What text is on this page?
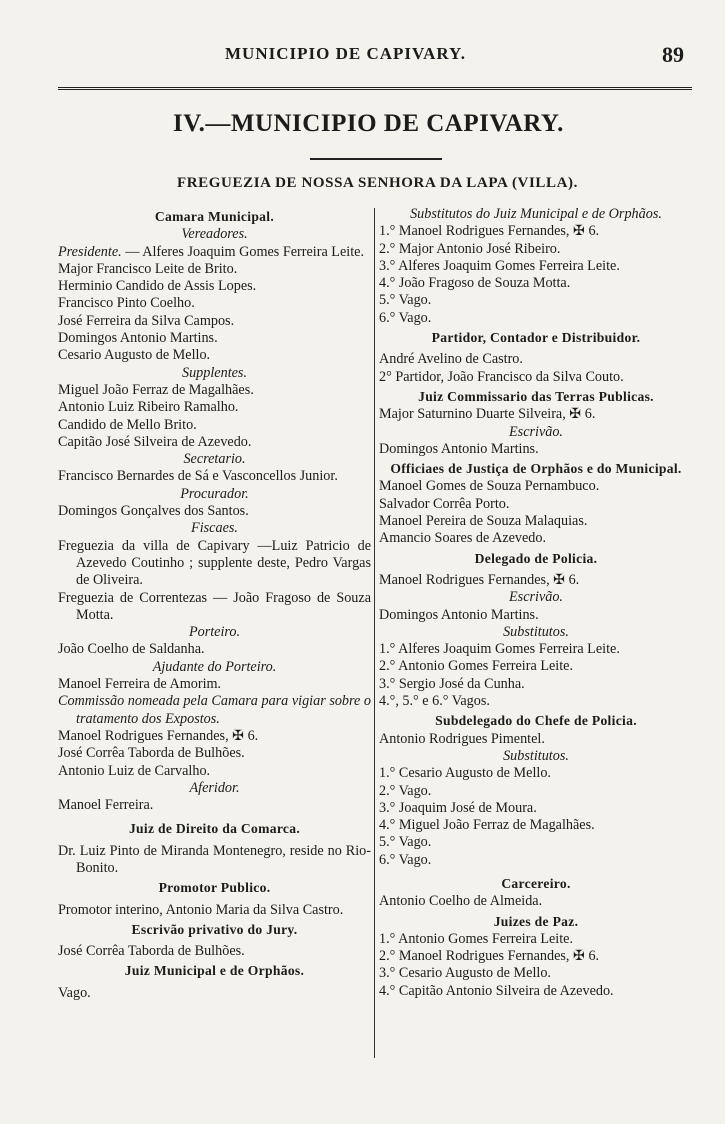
MUNICIPIO DE CAPIVARY.	89
IV.—MUNICIPIO DE CAPIVARY.
FREGUEZIA DE NOSSA SENHORA DA LAPA (VILLA).
Camara Municipal.
Vereadores.
Presidente. — Alferes Joaquim Gomes Ferreira Leite.
Major Francisco Leite de Brito.
Herminio Candido de Assis Lopes.
Francisco Pinto Coelho.
José Ferreira da Silva Campos.
Domingos Antonio Martins.
Cesario Augusto de Mello.
Supplentes.
Miguel João Ferraz de Magalhães.
Antonio Luiz Ribeiro Ramalho.
Candido de Mello Brito.
Capitão José Silveira de Azevedo.
Secretario.
Francisco Bernardes de Sá e Vasconcellos Junior.
Procurador.
Domingos Gonçalves dos Santos.
Fiscaes.
Freguezia da villa de Capivary —Luiz Patricio de Azevedo Coutinho ; supplente deste, Pedro Vargas de Oliveira.
Freguezia de Correntezas — João Fragoso de Souza Motta.
Porteiro.
João Coelho de Saldanha.
Ajudante do Porteiro.
Manoel Ferreira de Amorim.
Commissão nomeada pela Camara para vigiar sobre o tratamento dos Expostos.
Manoel Rodrigues Fernandes, ✠ 6.
José Corrêa Taborda de Bulhões.
Antonio Luiz de Carvalho.
Aferidor.
Manoel Ferreira.
Juiz de Direito da Comarca.
Dr. Luiz Pinto de Miranda Montenegro, reside no Rio-Bonito.
Promotor Publico.
Promotor interino, Antonio Maria da Silva Castro.
Escrivão privativo do Jury.
José Corrêa Taborda de Bulhões.
Juiz Municipal e de Orphãos.
Vago.
Substitutos do Juiz Municipal e de Orphãos.
1.° Manoel Rodrigues Fernandes, ✠ 6.
2.° Major Antonio José Ribeiro.
3.° Alferes Joaquim Gomes Ferreira Leite.
4.° João Fragoso de Souza Motta.
5.° Vago.
6.° Vago.
Partidor, Contador e Distribuidor.
André Avelino de Castro.
2° Partidor, João Francisco da Silva Couto.
Juiz Commissario das Terras Publicas.
Major Saturnino Duarte Silveira, ✠ 6.
Escrivão.
Domingos Antonio Martins.
Officiaes de Justiça de Orphãos e do Municipal.
Manoel Gomes de Souza Pernambuco.
Salvador Corrêa Porto.
Manoel Pereira de Souza Malaquias.
Amancio Soares de Azevedo.
Delegado de Policia.
Manoel Rodrigues Fernandes, ✠ 6.
Escrivão.
Domingos Antonio Martins.
Substitutos.
1.° Alferes Joaquim Gomes Ferreira Leite.
2.° Antonio Gomes Ferreira Leite.
3.° Sergio José da Cunha.
4.°, 5.° e 6.° Vagos.
Subdelegado do Chefe de Policia.
Antonio Rodrigues Pimentel.
Substitutos.
1.° Cesario Augusto de Mello.
2.° Vago.
3.° Joaquim José de Moura.
4.° Miguel João Ferraz de Magalhães.
5.° Vago.
6.° Vago.
Carcereiro.
Antonio Coelho de Almeida.
Juizes de Paz.
1.° Antonio Gomes Ferreira Leite.
2.° Manoel Rodrigues Fernandes, ✠ 6.
3.° Cesario Augusto de Mello.
4.° Capitão Antonio Silveira de Azevedo.
